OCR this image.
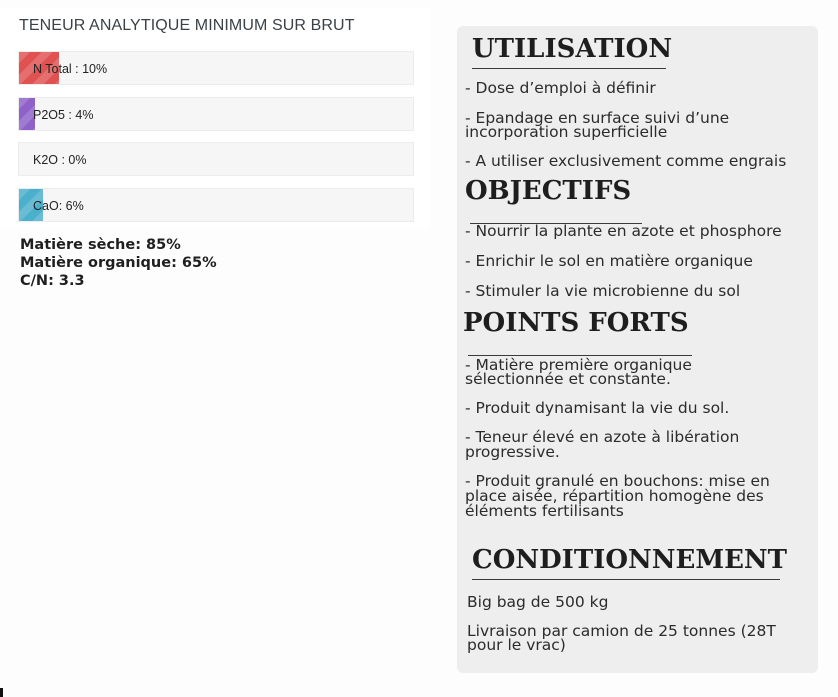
TENEUR ANALYTIQUE MINIMUM SUR BRUT
N Total : 10%
P2O5 : 4%
K2O : 0%
CaO: 6%
Matière sèche: 85%
Matière organique: 65%
C/N: 3.3
UTILISATION
- Dose d’emploi à définir
- Epandage en surface suivi d’une
incorporation superficielle
- A utiliser exclusivement comme engrais
OBJECTIFS
- Nourrir la plante en azote et phosphore
- Enrichir le sol en matière organique
- Stimuler la vie microbienne du sol
POINTS FORTS
- Matière première organique
sélectionnée et constante.
- Produit dynamisant la vie du sol.
- Teneur élevé en azote à libération
progressive.
- Produit granulé en bouchons: mise en
place aisée, répartition homogène des
éléments fertilisants
CONDITIONNEMENT
Big bag de 500 kg
Livraison par camion de 25 tonnes (28T
pour le vrac)
